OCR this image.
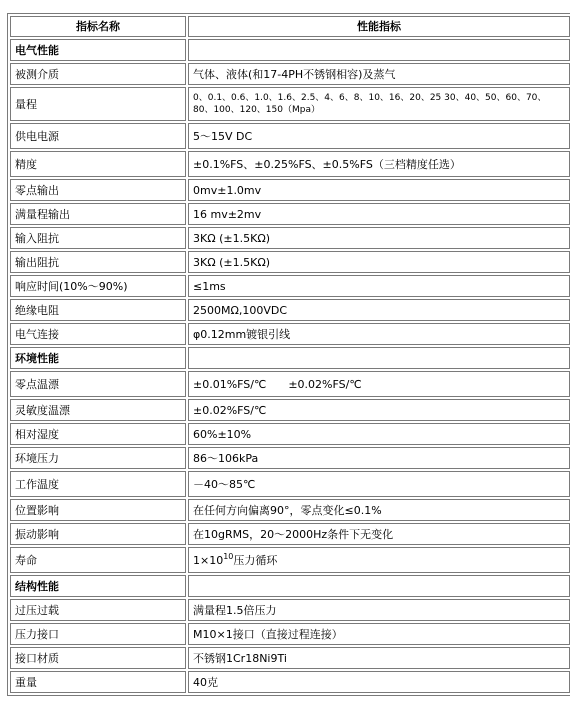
指标名称	性能指标
电气性能	
被测介质	气体、液体(和17-4PH不锈钢相容)及蒸气
量程	0、0.1、0.6、1.0、1.6、2.5、4、6、8、10、16、20、25 30、40、50、60、70、80、100、120、150（Mpa）
供电电源	5～15V DC
精度	±0.1%FS、±0.25%FS、±0.5%FS（三档精度任选）
零点输出	0mv±1.0mv
满量程输出	16 mv±2mv
输入阻抗	3KΩ (±1.5KΩ)
输出阻抗	3KΩ (±1.5KΩ)
响应时间(10%～90%)	≤1ms
绝缘电阻	2500MΩ,100VDC
电气连接	φ0.12mm镀银引线
环境性能	
零点温漂	±0.01%FS/℃ ±0.02%FS/℃
灵敏度温漂	±0.02%FS/℃
相对湿度	60%±10%
环境压力	86～106kPa
工作温度	－40～85℃
位置影响	在任何方向偏离90°，零点变化≤0.1%
振动影响	在10gRMS，20～2000Hz条件下无变化
寿命	$1\times 10^{10}$压力循环
结构性能	
过压过载	满量程1.5倍压力
压力接口	M10×1接口（直接过程连接）
接口材质	不锈钢1Cr18Ni9Ti
重量	40克
